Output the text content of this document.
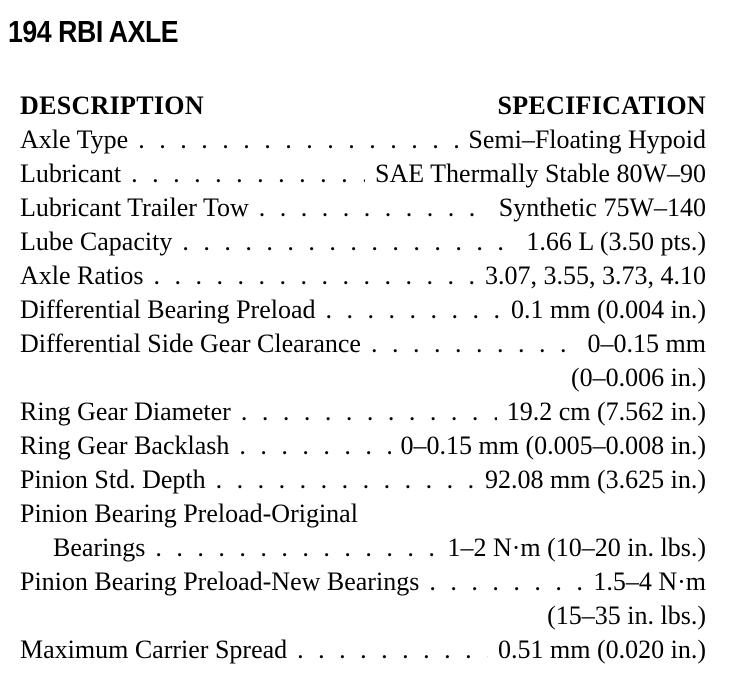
194 RBI AXLE
DESCRIPTION	SPECIFICATION
Axle Type . . .	Semi–Floating Hypoid
Lubricant . . .	SAE Thermally Stable 80W–90
Lubricant Trailer Tow . . .	Synthetic 75W–140
Lube Capacity . . .	1.66 L (3.50 pts.)
Axle Ratios . . .	3.07, 3.55, 3.73, 4.10
Differential Bearing Preload . . .	0.1 mm (0.004 in.)
Differential Side Gear Clearance . . .	0–0.15 mm
(0–0.006 in.)
Ring Gear Diameter . . .	19.2 cm (7.562 in.)
Ring Gear Backlash . . .	0–0.15 mm (0.005–0.008 in.)
Pinion Std. Depth . . .	92.08 mm (3.625 in.)
Pinion Bearing Preload-Original
Bearings . . .	1–2 N·m (10–20 in. lbs.)
Pinion Bearing Preload-New Bearings . . .	1.5–4 N·m
(15–35 in. lbs.)
Maximum Carrier Spread . . .	0.51 mm (0.020 in.)
